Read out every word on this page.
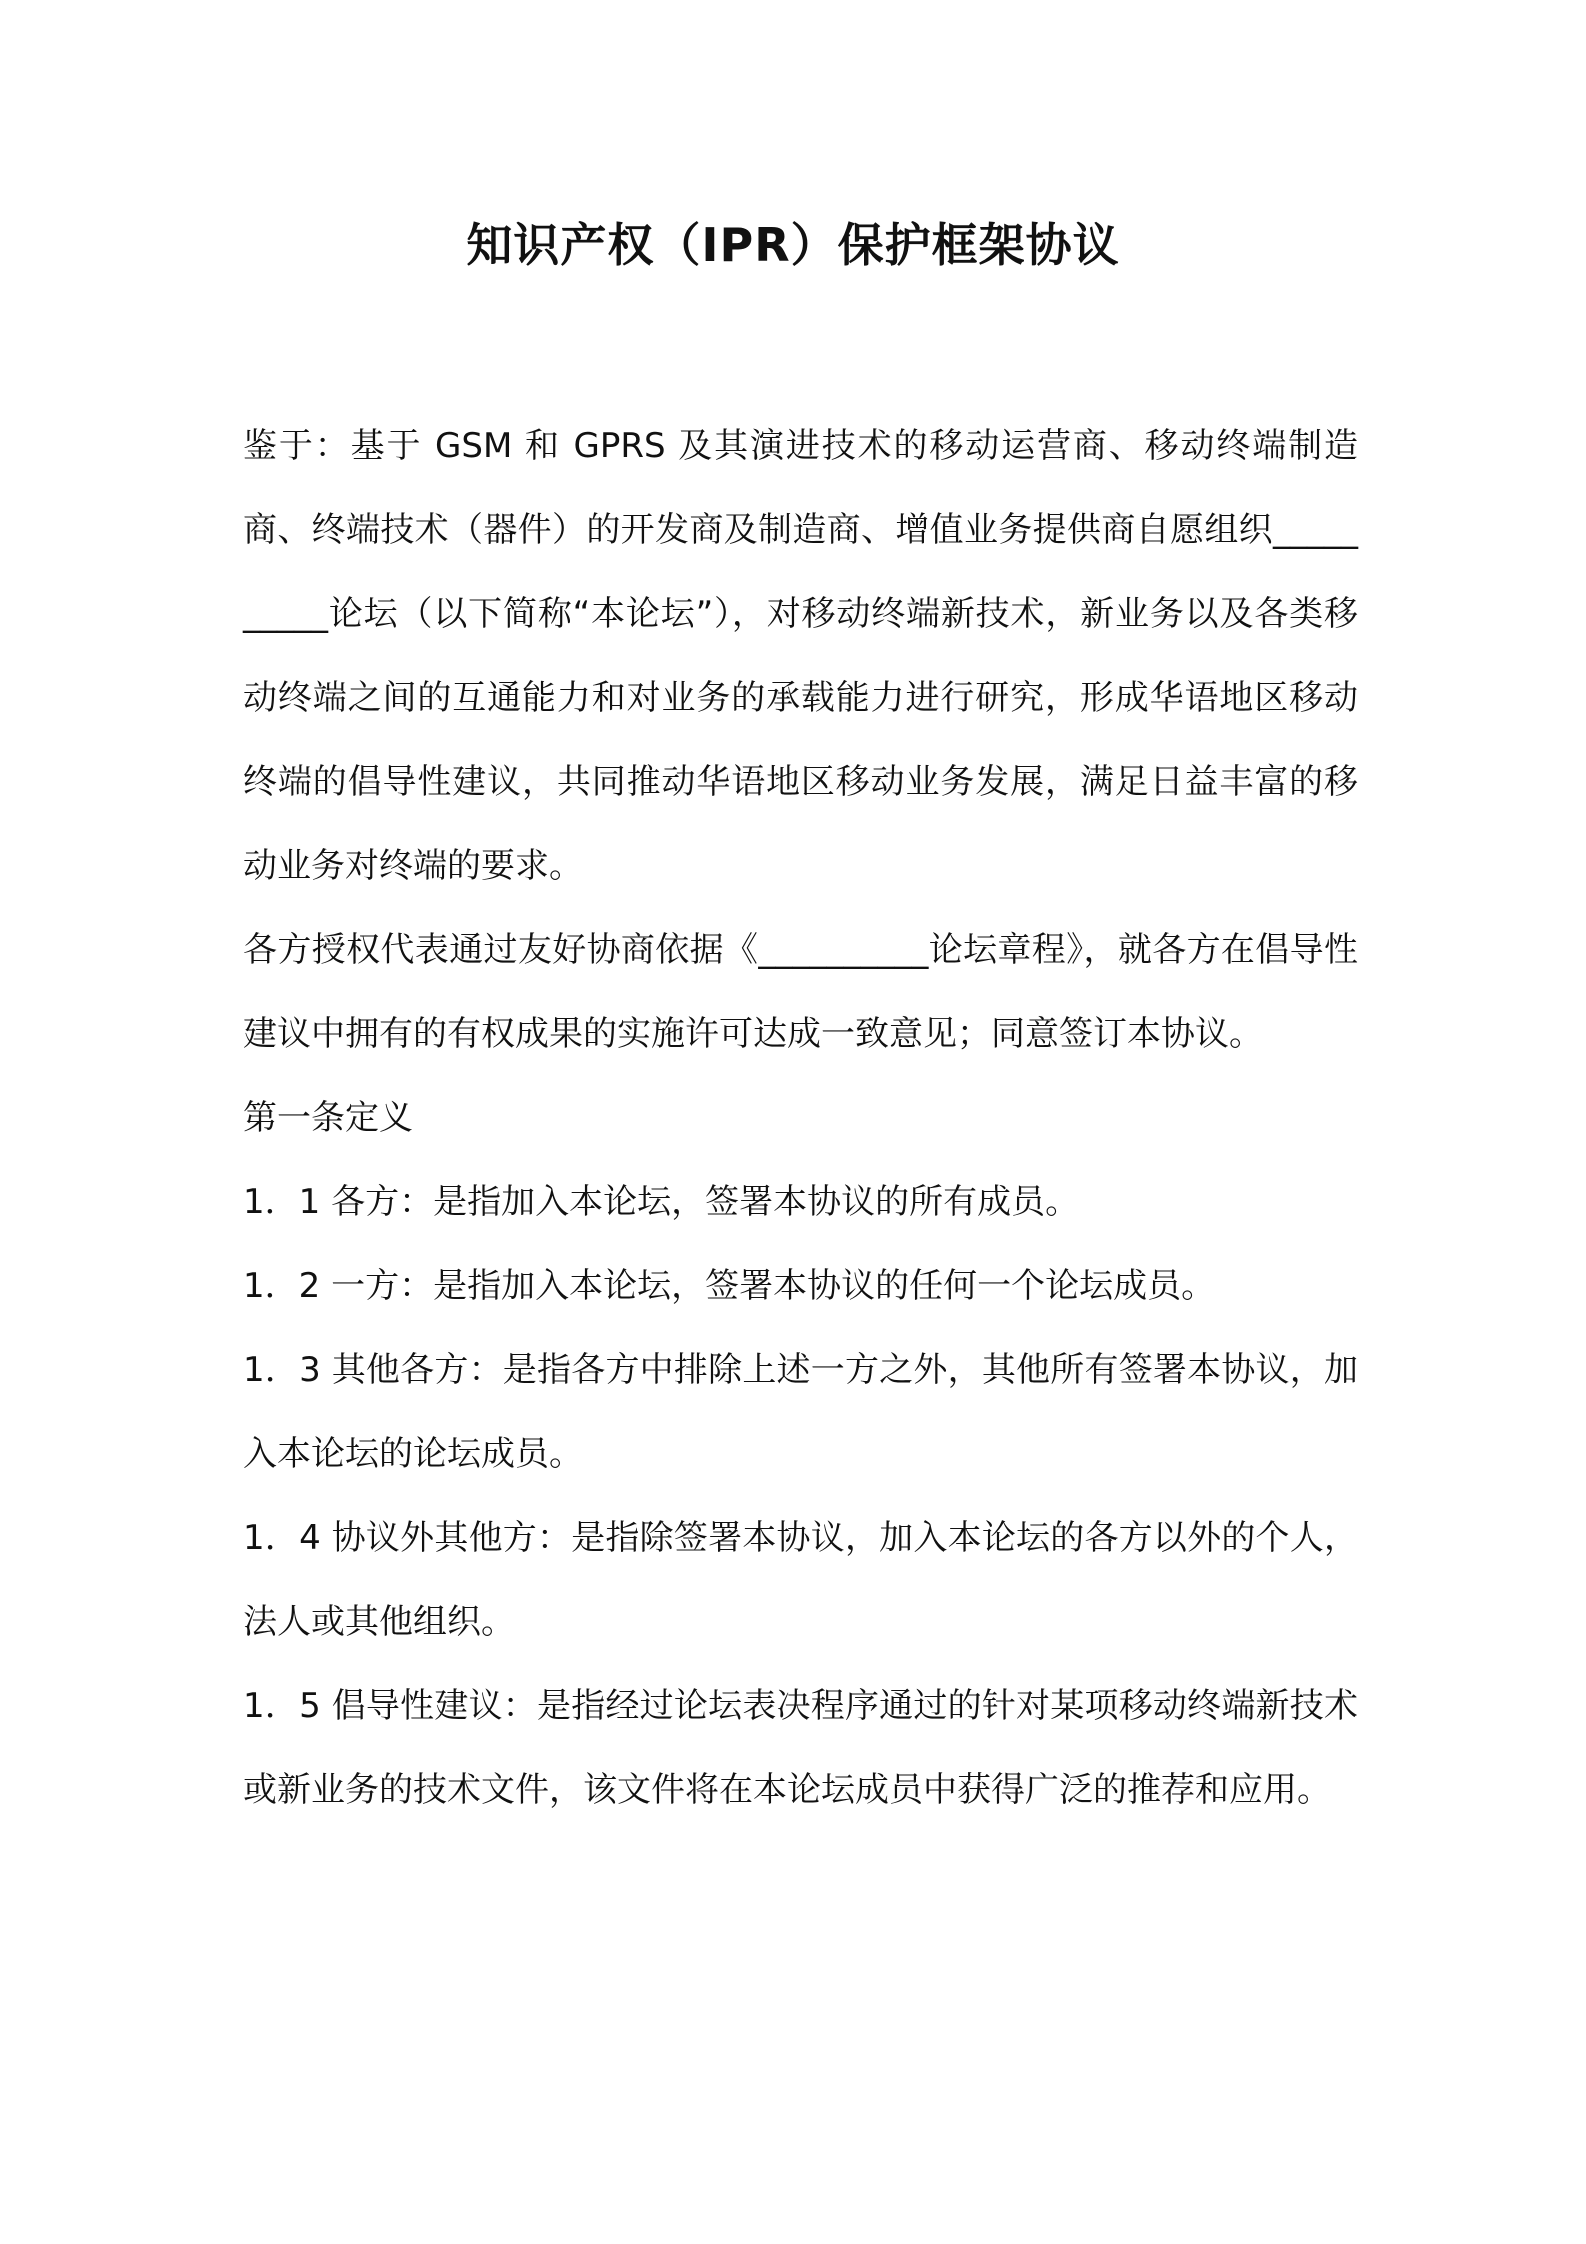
知识产权（IPR）保护框架协议

鉴于：基于 GSM 和 GPRS 及其演进技术的移动运营商、移动终端制造商、终端技术（器件）的开发商及制造商、增值业务提供商自愿组织__________论坛（以下简称“本论坛”），对移动终端新技术，新业务以及各类移动终端之间的互通能力和对业务的承载能力进行研究，形成华语地区移动终端的倡导性建议，共同推动华语地区移动业务发展，满足日益丰富的移动业务对终端的要求。

各方授权代表通过友好协商依据《__________论坛章程》，就各方在倡导性建议中拥有的有权成果的实施许可达成一致意见；同意签订本协议。

第一条定义

1．1 各方：是指加入本论坛，签署本协议的所有成员。

1．2 一方：是指加入本论坛，签署本协议的任何一个论坛成员。

1．3 其他各方：是指各方中排除上述一方之外，其他所有签署本协议，加入本论坛的论坛成员。

1．4 协议外其他方：是指除签署本协议，加入本论坛的各方以外的个人，法人或其他组织。

1．5 倡导性建议：是指经过论坛表决程序通过的针对某项移动终端新技术或新业务的技术文件，该文件将在本论坛成员中获得广泛的推荐和应用。
